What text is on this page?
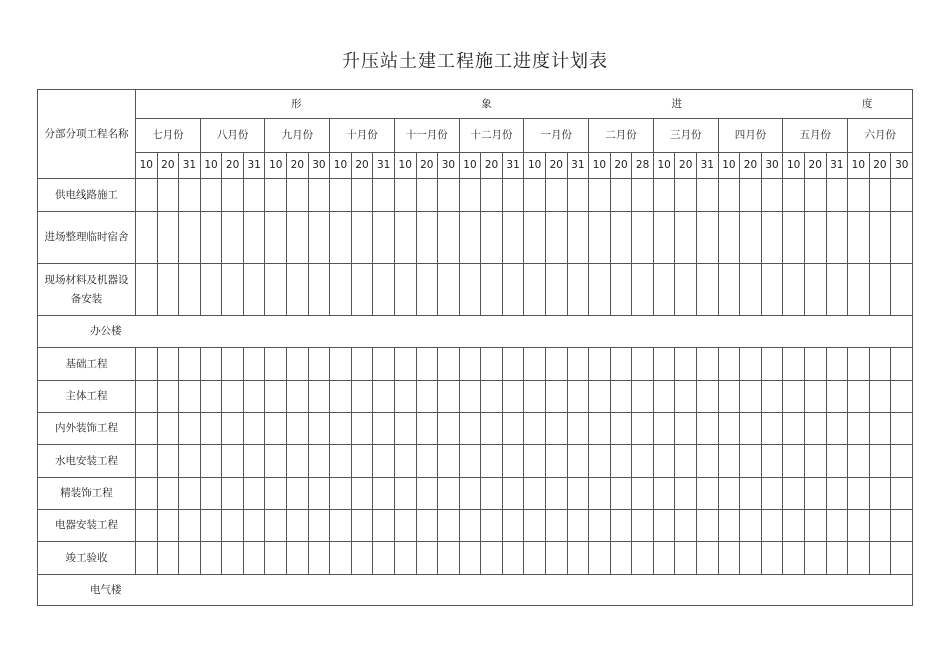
升压站土建工程施工进度计划表
分部分项工程名称	形 象 进 度																																			
	七月份			八月份			九月份			十月份			十一月份			十二月份			一月份			二月份			三月份			四月份			五月份			六月份		
	10	20	31	10	20	31	10	20	30	10	20	31	10	20	30	10	20	31	10	20	31	10	20	28	10	20	31	10	20	30	10	20	31	10	20	30
供电线路施工																																				
进场整理临时宿舍																																				
现场材料及机器设备安装																																				
办公楼																																				
基础工程																																				
主体工程																																				
内外装饰工程																																				
水电安装工程																																				
精装饰工程																																				
电器安装工程																																				
竣工验收																																				
电气楼																																				
